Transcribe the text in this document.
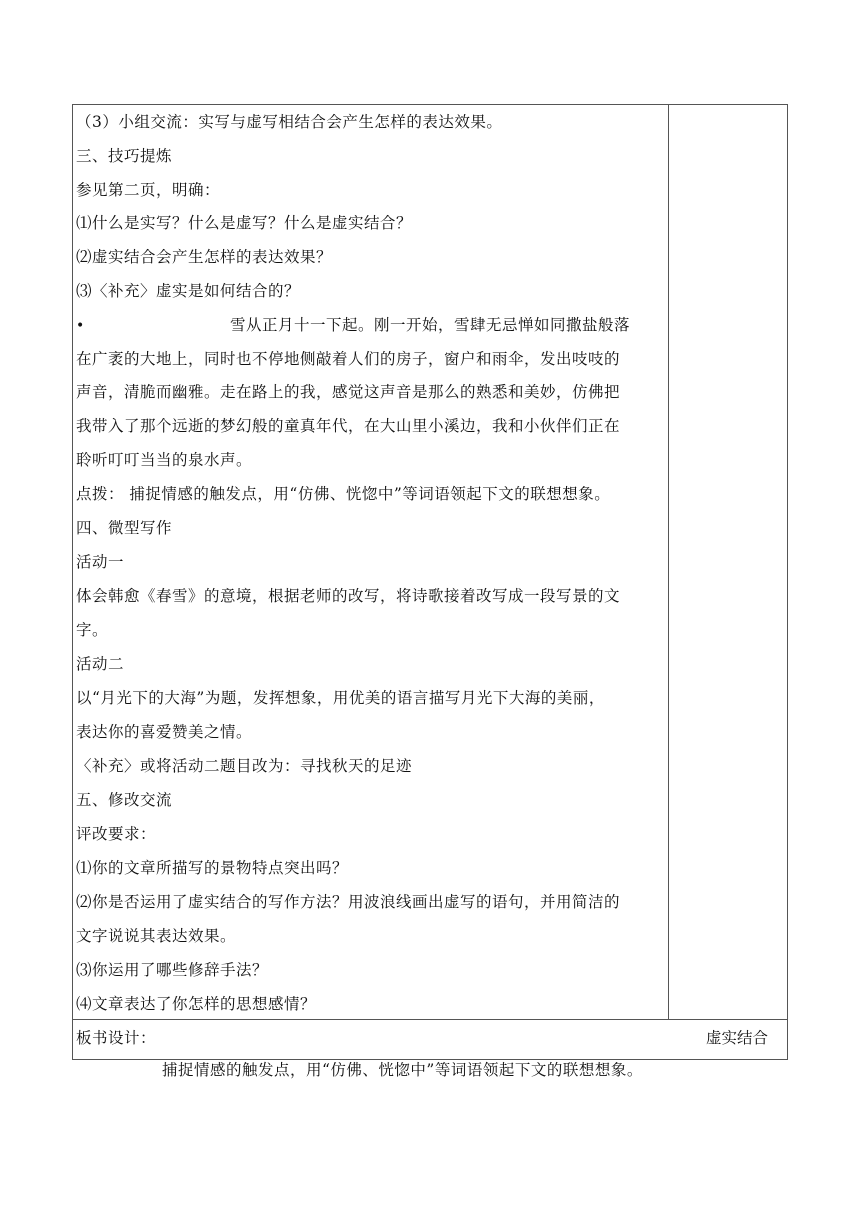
（3）小组交流：实写与虚写相结合会产生怎样的表达效果。
三、技巧提炼
参见第二页，明确：
⑴什么是实写？什么是虚写？什么是虚实结合？
⑵虚实结合会产生怎样的表达效果？
⑶〈补充〉虚实是如何结合的？
•	雪从正月十一下起。刚一开始，雪肆无忌惮如同撒盐般落
在广袤的大地上，同时也不停地侧敲着人们的房子，窗户和雨伞，发出吱吱的
声音，清脆而幽雅。走在路上的我，感觉这声音是那么的熟悉和美妙，仿佛把
我带入了那个远逝的梦幻般的童真年代，在大山里小溪边，我和小伙伴们正在
聆听叮叮当当的泉水声。
点拨： 捕捉情感的触发点，用“仿佛、恍惚中”等词语领起下文的联想想象。
四、微型写作
活动一
体会韩愈《春雪》的意境，根据老师的改写，将诗歌接着改写成一段写景的文
字。
活动二
以“月光下的大海”为题，发挥想象，用优美的语言描写月光下大海的美丽，
表达你的喜爱赞美之情。
〈补充〉或将活动二题目改为：寻找秋天的足迹
五、修改交流
评改要求：
⑴你的文章所描写的景物特点突出吗？
⑵你是否运用了虚实结合的写作方法？用波浪线画出虚写的语句，并用简洁的
文字说说其表达效果。
⑶你运用了哪些修辞手法？
⑷文章表达了你怎样的思想感情？
板书设计：	虚实结合
捕捉情感的触发点，用“仿佛、恍惚中”等词语领起下文的联想想象。
